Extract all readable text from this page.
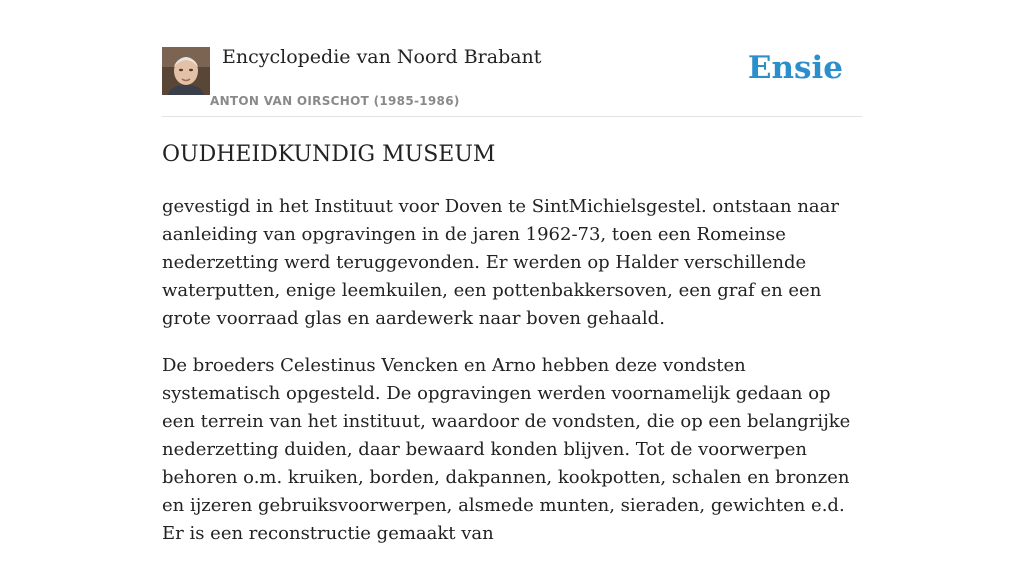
Encyclopedie van Noord Brabant
ANTON VAN OIRSCHOT (1985-1986)
Ensie
OUDHEIDKUNDIG MUSEUM

gevestigd in het Instituut voor Doven te SintMichielsgestel. ontstaan naar aanleiding van opgravingen in de jaren 1962-73, toen een Romeinse nederzetting werd teruggevonden. Er werden op Halder verschillende waterputten, enige leemkuilen, een pottenbakkersoven, een graf en een grote voorraad glas en aardewerk naar boven gehaald.

De broeders Celestinus Vencken en Arno hebben deze vondsten systematisch opgesteld. De opgravingen werden voornamelijk gedaan op een terrein van het instituut, waardoor de vondsten, die op een belangrijke nederzetting duiden, daar bewaard konden blijven. Tot de voorwerpen behoren o.m. kruiken, borden, dakpannen, kookpotten, schalen en bronzen en ijzeren gebruiksvoorwerpen, alsmede munten, sieraden, gewichten e.d. Er is een reconstructie gemaakt van
